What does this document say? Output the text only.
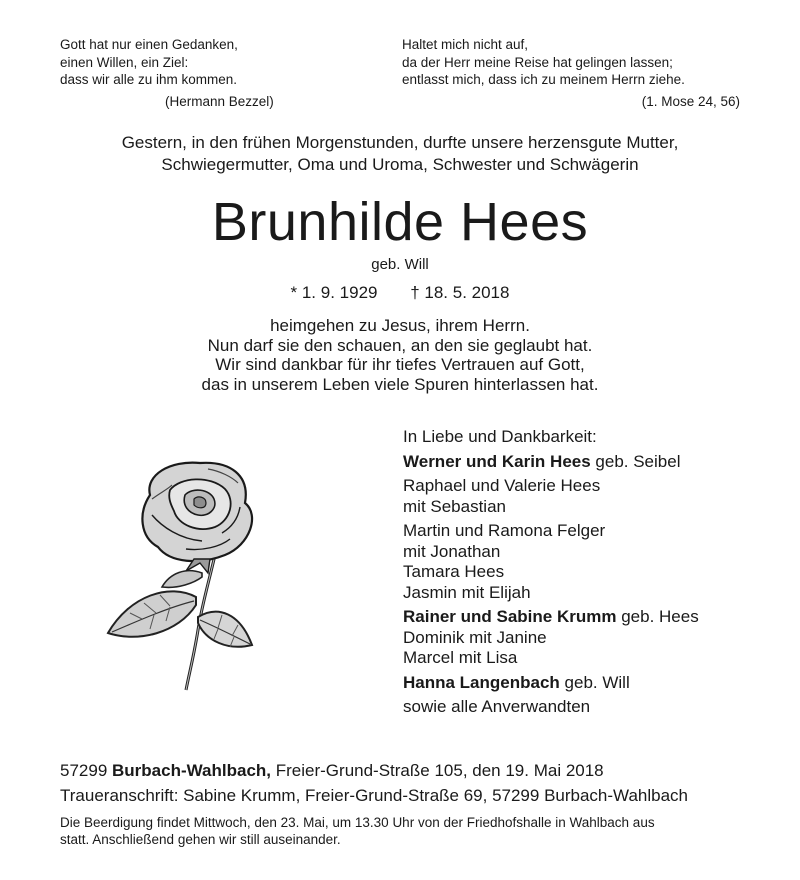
Gott hat nur einen Gedanken,
einen Willen, ein Ziel:
dass wir alle zu ihm kommen.
(Hermann Bezzel)
Haltet mich nicht auf,
da der Herr meine Reise hat gelingen lassen;
entlasst mich, dass ich zu meinem Herrn ziehe.
(1. Mose 24, 56)
Gestern, in den frühen Morgenstunden, durfte unsere herzensgute Mutter,
Schwiegermutter, Oma und Uroma, Schwester und Schwägerin
Brunhilde Hees
geb. Will
* 1. 9. 1929 † 18. 5. 2018
heimgehen zu Jesus, ihrem Herrn.
Nun darf sie den schauen, an den sie geglaubt hat.
Wir sind dankbar für ihr tiefes Vertrauen auf Gott,
das in unserem Leben viele Spuren hinterlassen hat.
In Liebe und Dankbarkeit:
Werner und Karin Hees geb. Seibel
Raphael und Valerie Hees
mit Sebastian
Martin und Ramona Felger
mit Jonathan
Tamara Hees
Jasmin mit Elijah
Rainer und Sabine Krumm geb. Hees
Dominik mit Janine
Marcel mit Lisa
Hanna Langenbach geb. Will
sowie alle Anverwandten
57299 Burbach-Wahlbach, Freier-Grund-Straße 105, den 19. Mai 2018
Traueranschrift: Sabine Krumm, Freier-Grund-Straße 69, 57299 Burbach-Wahlbach
Die Beerdigung findet Mittwoch, den 23. Mai, um 13.30 Uhr von der Friedhofshalle in Wahlbach aus
statt. Anschließend gehen wir still auseinander.
